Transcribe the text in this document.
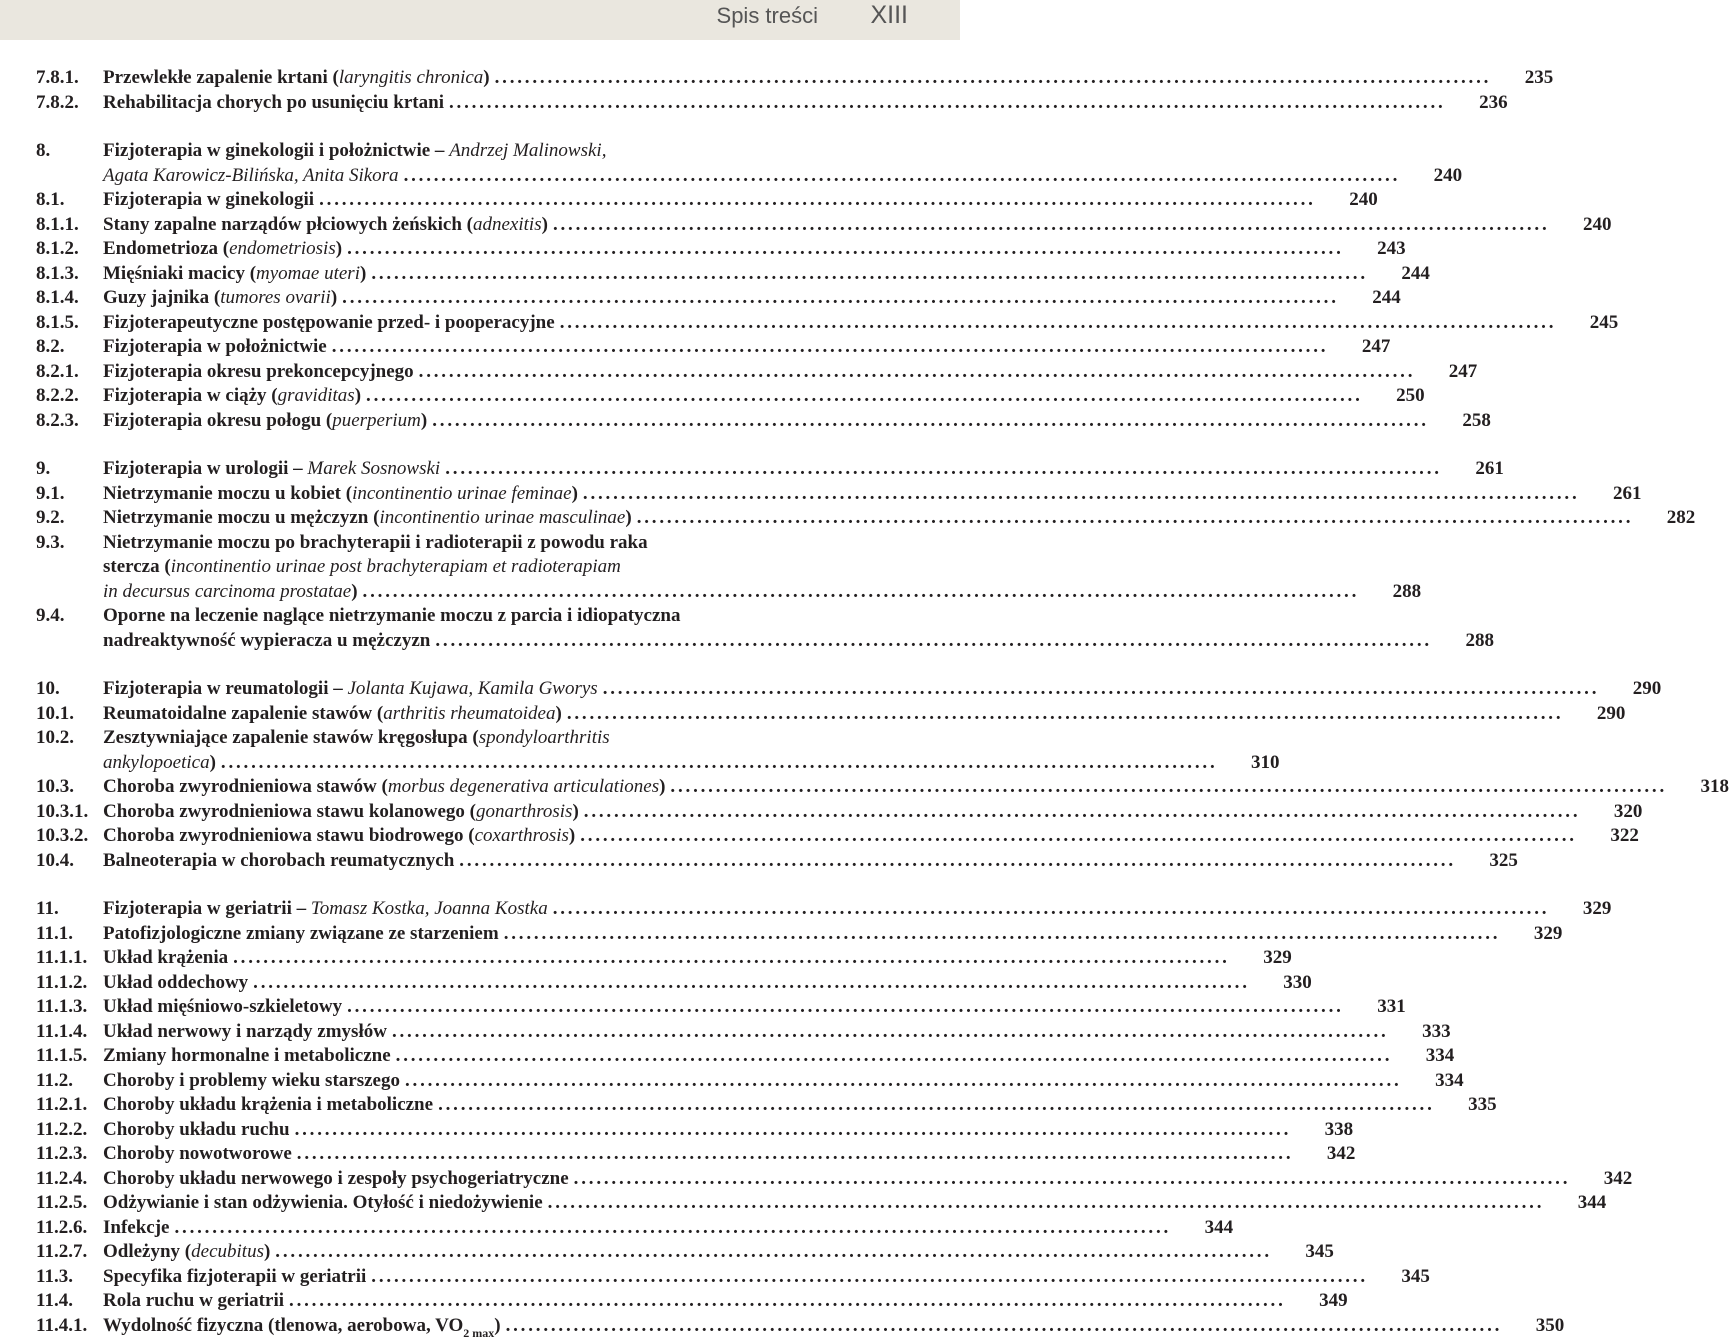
Spis treści XIII
7.8.1.	Przewlekłe zapalenie krtani (laryngitis chronica) ....................................................................................................................................	235
7.8.2.	Rehabilitacja chorych po usunięciu krtani ....................................................................................................................................	236
8.	Fizjoterapia w ginekologii i położnictwie – Andrzej Malinowski,
Agata Karowicz-Bilińska, Anita Sikora ....................................................................................................................................	240
8.1.	Fizjoterapia w ginekologii ....................................................................................................................................	240
8.1.1.	Stany zapalne narządów płciowych żeńskich (adnexitis) ....................................................................................................................................	240
8.1.2.	Endometrioza (endometriosis) ....................................................................................................................................	243
8.1.3.	Mięśniaki macicy (myomae uteri) ....................................................................................................................................	244
8.1.4.	Guzy jajnika (tumores ovarii) ....................................................................................................................................	244
8.1.5.	Fizjoterapeutyczne postępowanie przed- i pooperacyjne ....................................................................................................................................	245
8.2.	Fizjoterapia w położnictwie ....................................................................................................................................	247
8.2.1.	Fizjoterapia okresu prekoncepcyjnego ....................................................................................................................................	247
8.2.2.	Fizjoterapia w ciąży (graviditas) ....................................................................................................................................	250
8.2.3.	Fizjoterapia okresu połogu (puerperium) ....................................................................................................................................	258
9.	Fizjoterapia w urologii – Marek Sosnowski ....................................................................................................................................	261
9.1.	Nietrzymanie moczu u kobiet (incontinentio urinae feminae) ....................................................................................................................................	261
9.2.	Nietrzymanie moczu u mężczyzn (incontinentio urinae masculinae) ....................................................................................................................................	282
9.3.	Nietrzymanie moczu po brachyterapii i radioterapii z powodu raka
stercza (incontinentio urinae post brachyterapiam et radioterapiam
in decursus carcinoma prostatae) ....................................................................................................................................	288
9.4.	Oporne na leczenie naglące nietrzymanie moczu z parcia i idiopatyczna
nadreaktywność wypieracza u mężczyzn ....................................................................................................................................	288
10.	Fizjoterapia w reumatologii – Jolanta Kujawa, Kamila Gworys ....................................................................................................................................	290
10.1.	Reumatoidalne zapalenie stawów (arthritis rheumatoidea) ....................................................................................................................................	290
10.2.	Zesztywniające zapalenie stawów kręgosłupa (spondyloarthritis
ankylopoetica) ....................................................................................................................................	310
10.3.	Choroba zwyrodnieniowa stawów (morbus degenerativa articulationes) ....................................................................................................................................	318
10.3.1. Choroba zwyrodnieniowa stawu kolanowego (gonarthrosis) ....................................................................................................................................	320
10.3.2. Choroba zwyrodnieniowa stawu biodrowego (coxarthrosis) ....................................................................................................................................	322
10.4.	Balneoterapia w chorobach reumatycznych ....................................................................................................................................	325
11.	Fizjoterapia w geriatrii – Tomasz Kostka, Joanna Kostka ....................................................................................................................................	329
11.1.	Patofizjologiczne zmiany związane ze starzeniem ....................................................................................................................................	329
11.1.1. Układ krążenia ....................................................................................................................................	329
11.1.2. Układ oddechowy ....................................................................................................................................	330
11.1.3. Układ mięśniowo-szkieletowy ....................................................................................................................................	331
11.1.4. Układ nerwowy i narządy zmysłów ....................................................................................................................................	333
11.1.5. Zmiany hormonalne i metaboliczne ....................................................................................................................................	334
11.2.	Choroby i problemy wieku starszego ....................................................................................................................................	334
11.2.1. Choroby układu krążenia i metaboliczne ....................................................................................................................................	335
11.2.2. Choroby układu ruchu ....................................................................................................................................	338
11.2.3. Choroby nowotworowe ....................................................................................................................................	342
11.2.4. Choroby układu nerwowego i zespoły psychogeriatryczne ....................................................................................................................................	342
11.2.5. Odżywianie i stan odżywienia. Otyłość i niedożywienie ....................................................................................................................................	344
11.2.6. Infekcje ....................................................................................................................................	344
11.2.7. Odleżyny (decubitus) ....................................................................................................................................	345
11.3.	Specyfika fizjoterapii w geriatrii ....................................................................................................................................	345
11.4.	Rola ruchu w geriatrii ....................................................................................................................................	349
11.4.1. Wydolność fizyczna (tlenowa, aerobowa, $VO_{2 max}$) ....................................................................................................................................	350
